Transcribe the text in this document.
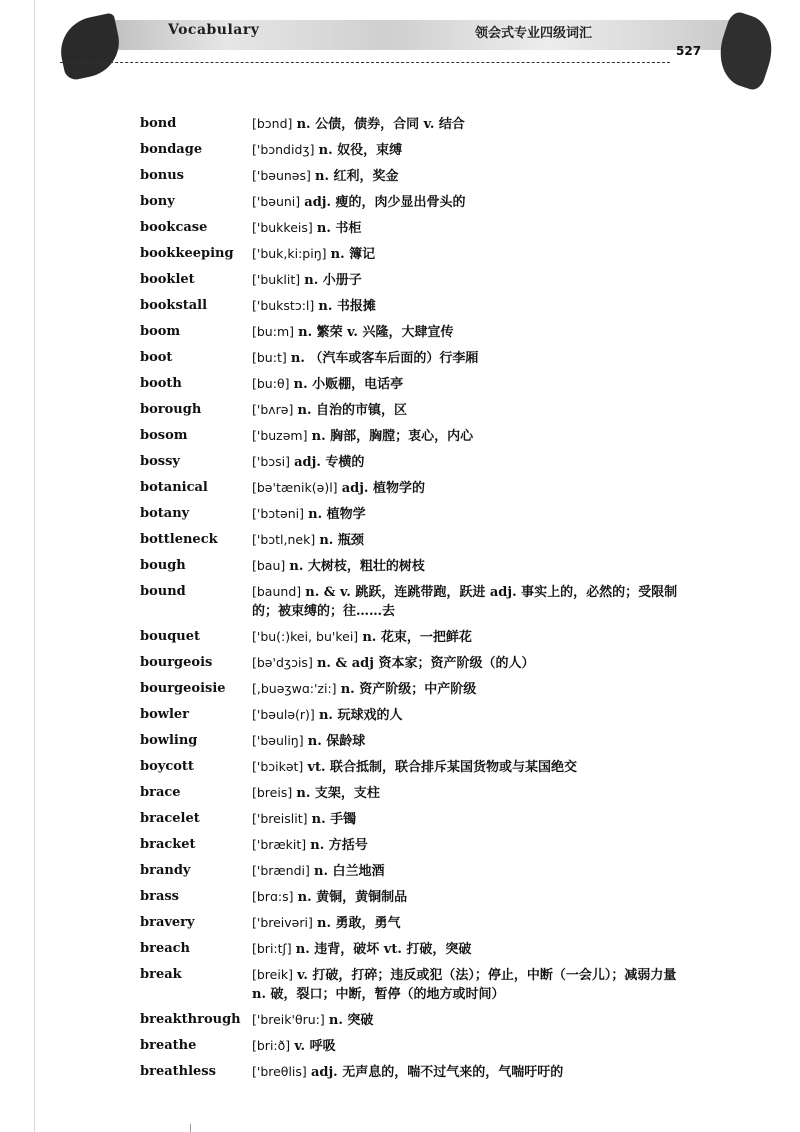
Vocabulary	领会式专业四级词汇
527
bond	[bɔnd] n. 公债，债券，合同 v. 结合
bondage	['bɔndidʒ] n. 奴役，束缚
bonus	['bəunəs] n. 红利，奖金
bony	['bəuni] adj. 瘦的，肉少显出骨头的
bookcase	['bukkeis] n. 书柜
bookkeeping	['buk,ki:piŋ] n. 簿记
booklet	['buklit] n. 小册子
bookstall	['bukstɔ:l] n. 书报摊
boom	[bu:m] n. 繁荣 v. 兴隆，大肆宣传
boot	[bu:t] n. （汽车或客车后面的）行李厢
booth	[bu:θ] n. 小贩棚，电话亭
borough	['bʌrə] n. 自治的市镇，区
bosom	['buzəm] n. 胸部，胸膛；衷心，内心
bossy	['bɔsi] adj. 专横的
botanical	[bə'tænik(ə)l] adj. 植物学的
botany	['bɔtəni] n. 植物学
bottleneck	['bɔtl,nek] n. 瓶颈
bough	[bau] n. 大树枝，粗壮的树枝
bound	[baund] n. & v. 跳跃，连跳带跑，跃进 adj. 事实上的，必然的；受限制的；被束缚的；往……去
bouquet	['bu(:)kei, bu'kei] n. 花束，一把鲜花
bourgeois	[bə'dʒɔis] n. & adj 资本家；资产阶级（的人）
bourgeoisie	[,buəʒwɑ:'zi:] n. 资产阶级；中产阶级
bowler	['bəulə(r)] n. 玩球戏的人
bowling	['bəuliŋ] n. 保龄球
boycott	['bɔikət] vt. 联合抵制，联合排斥某国货物或与某国绝交
brace	[breis] n. 支架，支柱
bracelet	['breislit] n. 手镯
bracket	['brækit] n. 方括号
brandy	['brændi] n. 白兰地酒
brass	[brɑ:s] n. 黄铜，黄铜制品
bravery	['breivəri] n. 勇敢，勇气
breach	[bri:tʃ] n. 违背，破坏 vt. 打破，突破
break	[breik] v. 打破，打碎；违反或犯（法）；停止，中断（一会儿）；减弱力量 n. 破，裂口；中断，暂停（的地方或时间）
breakthrough ['breik'θru:] n. 突破
breathe	[bri:ð] v. 呼吸
breathless	['breθlis] adj. 无声息的，喘不过气来的，气喘吁吁的
